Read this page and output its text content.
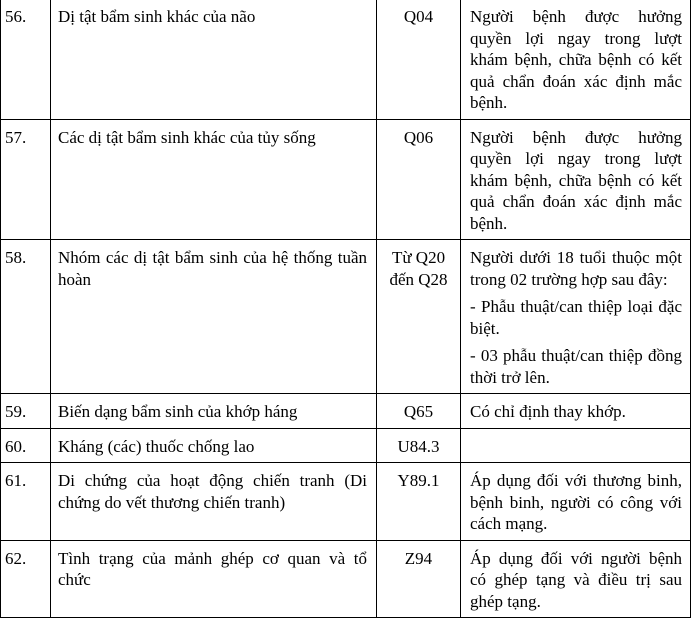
56.	Dị tật bẩm sinh khác của não	Q04	Người bệnh được hưởng quyền lợi ngay trong lượt khám bệnh, chữa bệnh có kết quả chẩn đoán xác định mắc bệnh.

57.	Các dị tật bẩm sinh khác của tủy sống	Q06	Người bệnh được hưởng quyền lợi ngay trong lượt khám bệnh, chữa bệnh có kết quả chẩn đoán xác định mắc bệnh.

58.	Nhóm các dị tật bẩm sinh của hệ thống tuần hoàn	Từ Q20 đến Q28	Người dưới 18 tuổi thuộc một trong 02 trường hợp sau đây:

- Phẫu thuật/can thiệp loại đặc biệt.

- 03 phẫu thuật/can thiệp đồng thời trở lên.

59.	Biến dạng bẩm sinh của khớp háng	Q65	Có chỉ định thay khớp.

60.	Kháng (các) thuốc chống lao	U84.3	
61.	Di chứng của hoạt động chiến tranh (Di chứng do vết thương chiến tranh)	Y89.1	Áp dụng đối với thương binh, bệnh binh, người có công với cách mạng.

62.	Tình trạng của mảnh ghép cơ quan và tổ chức	Z94	Áp dụng đối với người bệnh có ghép tạng và điều trị sau ghép tạng.
